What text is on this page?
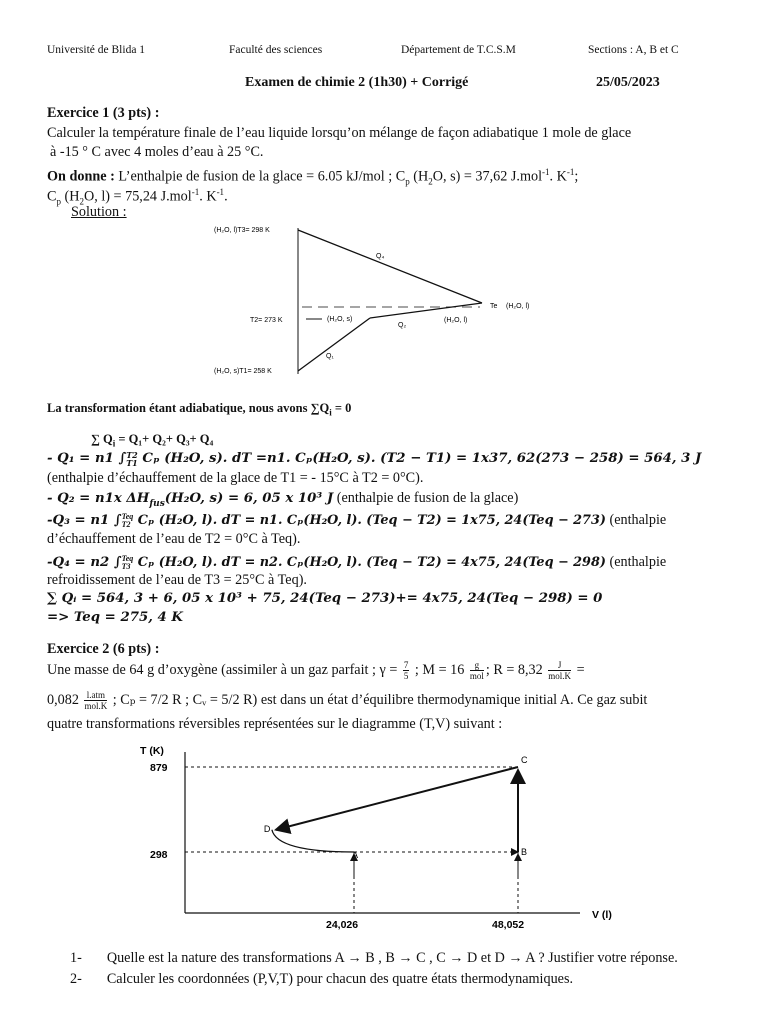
Université de Blida 1	Faculté des sciences	Département de T.C.S.M	Sections : A, B et C
Examen de chimie 2 (1h30) + Corrigé	25/05/2023
Exercice 1 (3 pts) :
Calculer la température finale de l’eau liquide lorsqu’on mélange de façon adiabatique 1 mole de glace
à -15 ° C avec 4 moles d’eau à 25 °C.
On donne : L’enthalpie de fusion de la glace = 6.05 kJ/mol ; $C_p$ ($H_2O$, s) = 37,62 J.mol$^{-1}$. $K^{-1}$;
$C_p$ ($H_2O$, l) = 75,24 J.mol$^{-1}$. $K^{-1}$.
Solution :
(H₂O, l)T3= 298 K
T2= 273 K
(H₂O, s)T1= 258 K
Q₄
Q₁
Q₂
(H₂O, s)	(H₂O, l)
Te (H₂O, l)
La transformation étant adiabatique, nous avons $\sum Q_i = 0$
∑ $Q_i = Q_1+ Q_2+ Q_3+ Q_4$
- Q₁ = n1 ∫ T2
T1 Cₚ (H₂O, s). dT =n1. Cₚ(H₂O, s). (T2 − T1) = 1x37, 62(273 − 258) = 564, 3 J
(enthalpie d’échauffement de la glace de T1 = - 15°C à T2 = 0°C).
- Q₂ = n1x $\Delta H_{fus}(H_2O$, s) = 6, 05 x 10³ J (enthalpie de fusion de la glace)
-Q₃ = n1 ∫ Teq
T2 Cₚ (H₂O, l). dT = n1. Cₚ(H₂O, l). (Teq − T2) = 1x75, 24(Teq − 273) (enthalpie
d’échauffement de l’eau de T2 = 0°C à Teq).
-Q₄ = n2 ∫ Teq
T3 Cₚ (H₂O, l). dT = n2. Cₚ(H₂O, l). (Teq − T2) = 4x75, 24(Teq − 298) (enthalpie
refroidissement de l’eau de T3 = 25°C à Teq).
∑ Qᵢ = 564, 3 + 6, 05 x 10³ + 75, 24(Teq − 273)+= 4x75, 24(Teq − 298) = 0
=> Teq = 275, 4 K
Exercice 2 (6 pts) :
Une masse de 64 g d’oxygène (assimiler à un gaz parfait ; $\gamma = \frac{7}{5}$ ; $M = 16 \frac{g}{\text{mol}}$ ; $R = 8,32 \frac{J}{\text{mol.K}}$ =
$0,082 \frac{\text{l.atm}}{\text{mol.K}}$ ; Cₚ = 7/2 R ; Cᵥ = 5/2 R) est dans un état d’équilibre thermodynamique initial A. Ce gaz subit
quatre transformations réversibles représentées sur le diagramme (T,V) suivant :
T (K)
V (l)
879
298
24,026	48,052
A	B
C
D
1- Quelle est la nature des transformations A → B , B → C , C → D et D → A ? Justifier votre réponse.
2- Calculer les coordonnées (P,V,T) pour chacun des quatre états thermodynamiques.
